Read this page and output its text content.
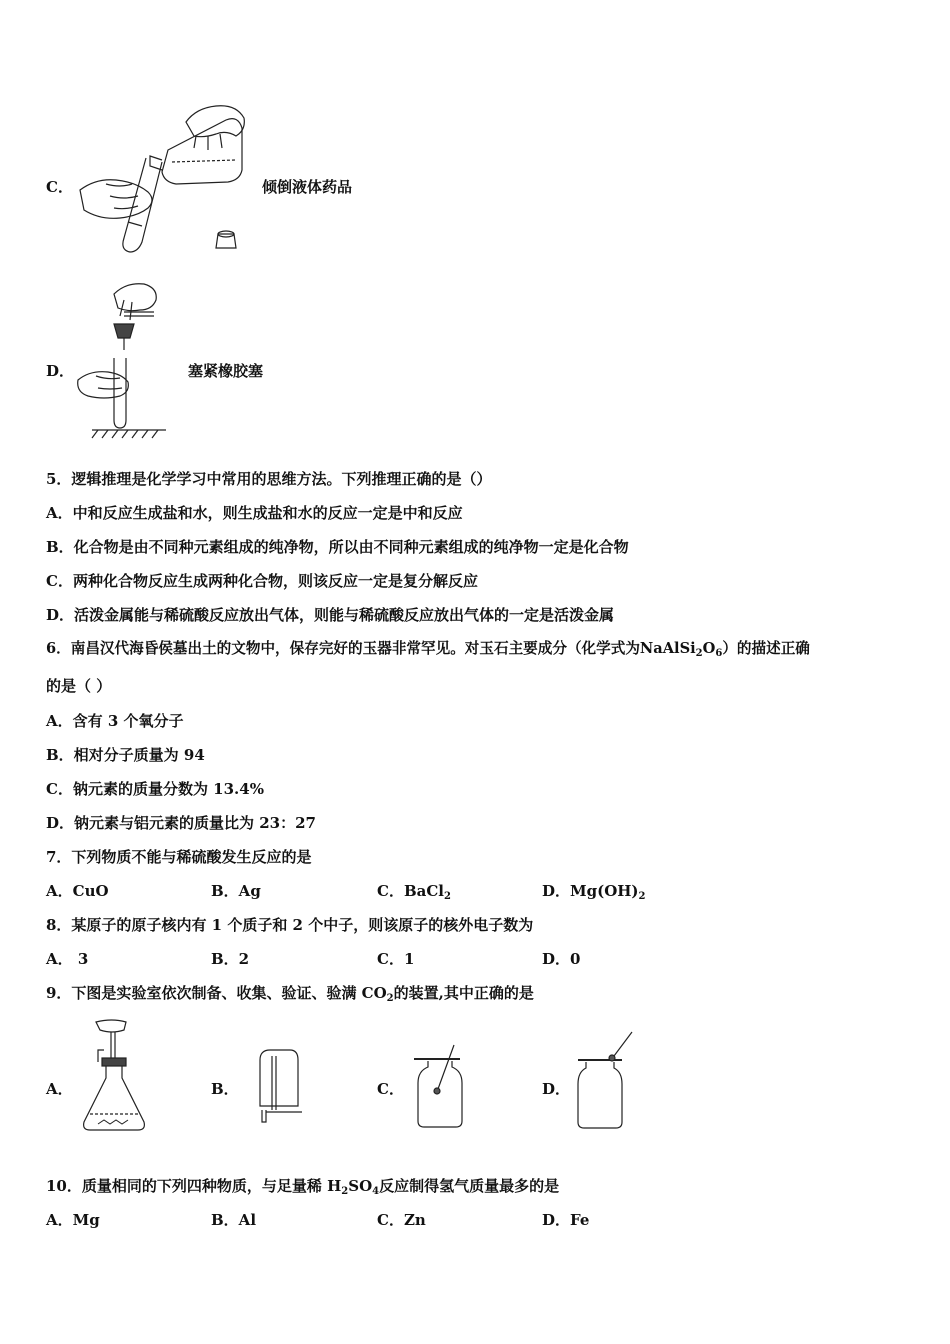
C．	倾倒液体药品
D．	塞紧橡胶塞
5．逻辑推理是化学学习中常用的思维方法。下列推理正确的是（）
A．中和反应生成盐和水，则生成盐和水的反应一定是中和反应
B．化合物是由不同种元素组成的纯净物，所以由不同种元素组成的纯净物一定是化合物
C．两种化合物反应生成两种化合物，则该反应一定是复分解反应
D．活泼金属能与稀硫酸反应放出气体，则能与稀硫酸反应放出气体的一定是活泼金属
6．南昌汉代海昏侯墓出土的文物中，保存完好的玉器非常罕见。对玉石主要成分（化学式为$NaAlSi_2O_6$）的描述正确
的是（ ）
A．含有 3 个氧分子
B．相对分子质量为 94
C．钠元素的质量分数为 13.4%
D．钠元素与铝元素的质量比为 23：27
7．下列物质不能与稀硫酸发生反应的是
A．CuO	B．Ag	C．BaCl$_2$	D．$Mg(OH)_2$
8．某原子的原子核内有 1 个质子和 2 个中子，则该原子的核外电子数为
A． 3	B．2	C．1	D．0
9．下图是实验室依次制备、收集、验证、验满 $CO_2$的装置,其中正确的是
A．	B．	C．	D．
10．质量相同的下列四种物质，与足量稀 $H_2SO_4$反应制得氢气质量最多的是
A．Mg	B．Al	C．Zn	D．Fe
